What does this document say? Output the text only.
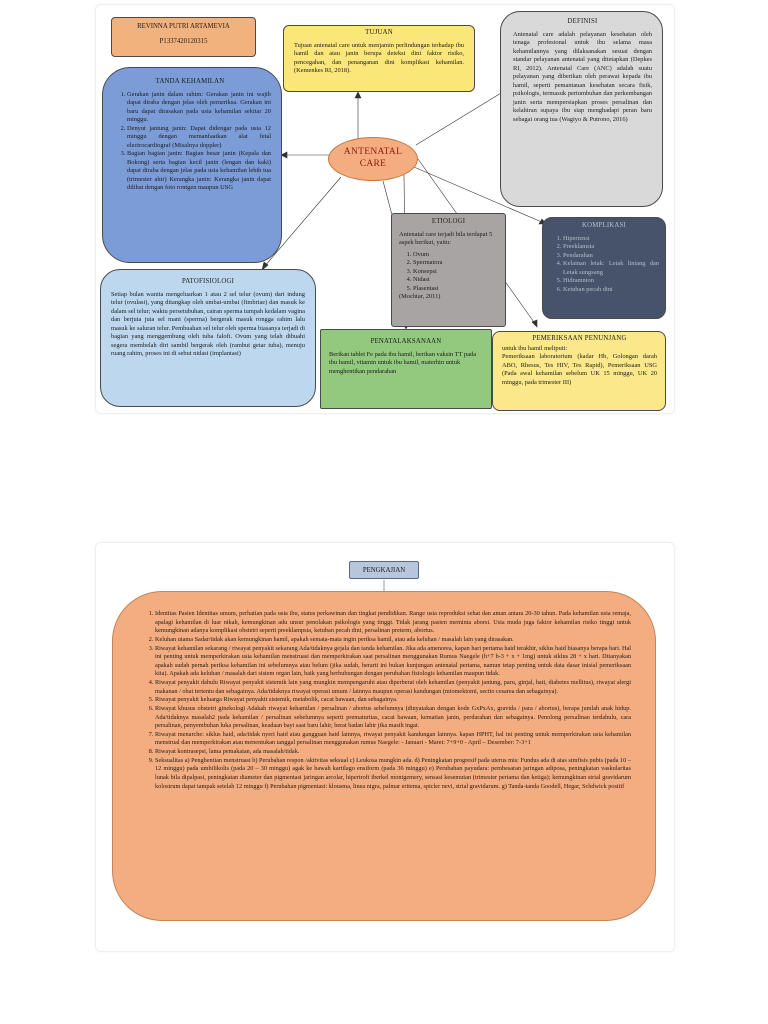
REVINNA PUTRI ARTAMEVIA
P1337420120315
TUJUAN
Tujuan antenatal care untuk menjamin perlindungan terhadap ibu hamil dan atau janin berupa deteksi dini faktor risiko, pencegahan, dan penanganan dini komplikasi kehamilan. (Kemenkes RI, 2018).
DEFINISI
Antenatal care adalah pelayanan kesehatan oleh tenaga profesional untuk ibu selama masa kehamilannya yang dilaksanakan sesuai dengan standar pelayanan antenatal yang ditetapkan (Depkes RI, 2012). Antenatal Care (ANC) adalah suatu pelayanan yang diberikan oleh perawat kepada ibu hamil, seperti pemantauan kesehatan secara fisik, psikologis, termasuk pertumbuhan dan perkembangan janin serta mempersiapkan proses persalinan dan kelahiran supaya ibu siap menghadapi peran baru sebagai orang tua (Wagiyo & Putrono, 2016)
TANDA KEHAMILAN
1. Gerakan janin dalam rahim: Gerakan janin ini wajib dapat diraba dengan jelas oleh pemeriksa. Gerakan ini baru dapat dirasakan pada usia kehamilan sekitar 20 minggu.
2. Denyut jantung janin: Dapat didengar pada usia 12 minggu dengan memanfaatkan alat fetal electrocardiograf (Misalnya doppler)
3. Bagian bagian janin: Bagian besar janin (Kepala dan Bokong) serta bagian kecil janin (lengan dan kaki) dapat diraba dengan jelas pada usia kehamilan lebih tua (trimester ahir) Kerangka janin: Kerangka janin dapat dilihat dengan foto rontgen maupun USG
ANTENATAL
CARE
ETIOLOGI
Antenatal care terjadi bila terdapat 5 aspek berikut, yaitu:
1. Ovum
2. Spermatora
3. Konsepsi
4. Nidasi
5. Plasentasi
(Mochtar, 2011)
KOMPLIKASI
1. Hipertensi
2. Preeklamsia
3. Pendarahan
4. Kelainan letak: Letak lintang dan Letak sungsang
5. Hidramnion
6. Ketuban pecah dini
PATOFISIOLOGI
Setiap bulan wanita mengeluarkan 1 atau 2 sel telur (ovum) dari indung telur (ovulasi), yang ditangkap oleh umbai-umbai (fimbriae) dan masuk ke dalam sel telur; waktu persetubuhan, cairan sperma tumpah kedalam vagina dan berjuta juta sel mani (sperma) bergerak masuk rongga rahim lalu masuk ke saluran telur. Pembuahan sel telur oleh sperma biasanya terjadi di bagian yang menggembung oleh tuba falofi. Ovum yang telah dibuahi segera membelah diri sambil bergerak oleh (rambut getar tuba), menuju ruang rahim, proses ini di sebut nidasi (implantasi)
PENATALAKSANAAN
Berikan tablet Fe pada ibu hamil, berikan vaksin TT pada ibu hamil, vitamin untuk ibu hamil, materhin untuk menghentikan pendarahan
PEMERIKSAAN PENUNJANG
untuk ibu hamil meliputi:
Pemeriksaan laboratorium (kadar Hb, Golongan darah ABO, Rhesus, Tes HIV, Tes Rapid), Pemeriksaan USG (Pada awal kehamilan sebelum UK 15 minggu, UK 20 minggu, pada trimester III)
PENGKAJIAN
1. Identitas Pasien Identitas umum, perhatian pada usia ibu, status perkawinan dan tingkat pendidikan. Range usia reproduksi sehat dan aman antara 20-30 tahun. Pada kehamilan usia remaja, apalagi kehamilan di luar nikah, kemungkinan adu unsur penolakan psikologis yang tinggi. Tidak jarang pasien meminta aborsi. Usia muda juga faktor kehamilan risiko tinggi untuk kemungkinan adanya komplikasi obstetri seperti preeklampsia, ketuban pecah dini, persalinan preterm, abortus.
2. Keluhan utama Sadar/tidak akan kemungkinan hamil, apakah semata-mata ingin periksa hamil, atau ada keluhan / masalah lain yang dirasakan.
3. Riwayat kehamilan sekarang / riwayat penyakit sekarang Ada/tidaknya gejala dan tanda kehamilan. Jika ada amenorea, kapan hari pertama haid terakhir, siklus haid biasanya berapa hari. Hal ini penting untuk memperkirakan usia kehamilan menstruasi dan memperkirakan saat persalinan menggunakan Rumus Naegele (h+7 b-3 + x + 1mg) untuk siklus 28 + x hari. Ditanyakan apakah sudah pernah periksa kehamilan ini sebelumnya atau belum (jika sudah, berarti ini bukan kunjungan antenatal pertama, namun tetap penting untuk data dasar inisial pemeriksaan kita). Apakah ada keluhan / masalah dari sistem organ lain, baik yang berhubungan dengan perubahan fisiologis kehamilan maupun tidak.
4. Riwayat penyakit dahulu Riwayat penyakit sistemik lain yang mungkin mempengaruhi atau diperberat oleh kehamilan (penyakit jantung, paru, ginjal, hati, diabetes mellitus), riwayat alergi makanan / obat tertentu dan sebagainya. Ada/tidaknya riwayat operasi umum / lainnya maupun operasi kandungan (miomektomi, sectio cesarea dan sebagainya).
5. Riwayat penyakit keluarga Riwayat penyakit sistemik, metabolik, cacat bawaan, dan sebagainya.
6. Riwayat khusus obstetri ginekologi Adakah riwayat kehamilan / persalinan / abortus sebelumnya (dinyatakan dengan kode GxPxAx, gravida / para / abortus), berapa jumlah anak hidup. Ada/tidaknya masalah2 pada kehamilan / persalinan sebelumnya seperti prematuritas, cacat bawaan, kematian janin, perdarahan dan sebagainya. Penolong persalinan terdahulu, cara persalinan, penyembuhan luka persalinan, keadaan bayi saat baru lahir, berat badan lahir jika masih ingat.
7. Riwayat menarche: siklus haid, ada/tidak nyeri haid atau gangguan haid lainnya, riwayat penyakit kandungan lainnya. kapan HPHT, hal ini penting untuk memperkirakan usia kehamilan menstrual dan memperkirakan atau menentukan tanggal persalinan menggunakan rumus Naegele: - Januari - Maret: 7+9+0 - April – Desember: 7-3+1
8. Riwayat kontrasepsi, lama pemakaian, ada masalah/tidak.
9. Seksualitas a) Penghentian menstruasi b) Perubahan respon /aktivitas seksual c) Leukosa mungkin ada. d) Peningkatan progresif pada uterus mis: Fundus ada di atas simfisis pubis (pada 10 – 12 minggu) pada umbilikolis (pada 20 – 30 minggu) agak ke bawah kartilago ensiform (pada 36 minggu) e) Perubahan payudara: pembesaran jaringan adiposa, peningkatan vaskularitas lunak bila dipalpasi, peningkatan diameter dan pigmentasi jaringan arcolar, hipertrofi iberkel montgemery, sensasi kesemutan (trimester pertama dan ketiga); kemungkinan strial gravidarum kolostrum dapat tampak setelah 12 minggu f) Perubahan pigmentasi: klousma, linea nigra, palmar eritema, spicler nevi, strial gravidarum. g) Tanda-tanda Goodell, Hegar, Schdwick positif
